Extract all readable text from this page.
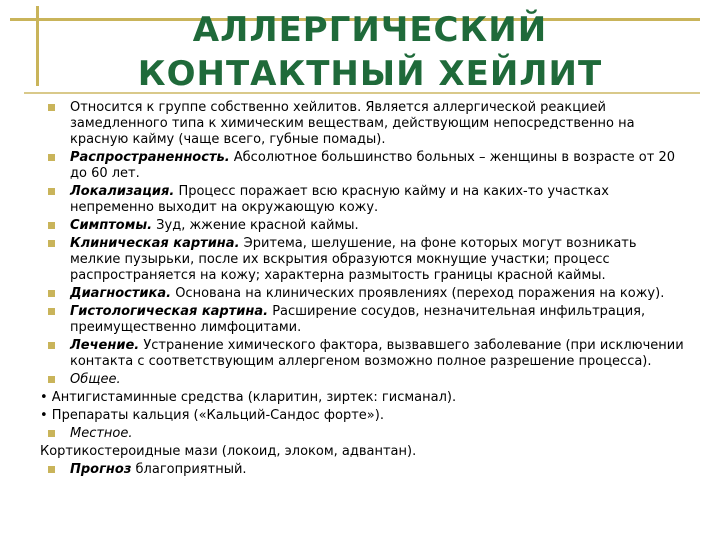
АЛЛЕРГИЧЕСКИЙ
КОНТАКТНЫЙ ХЕЙЛИТ
Относится к группе собственно хейлитов. Является аллергической реакцией замедленного типа к химическим веществам, действующим непосредственно на красную кайму (чаще всего, губные помады).
Распространенность. Абсолютное большинство больных – женщины в возрасте от 20 до 60 лет.
Локализация. Процесс поражает всю красную кайму и на каких-то участках непременно выходит на окружающую кожу.
Симптомы. Зуд, жжение красной каймы.
Клиническая картина. Эритема, шелушение, на фоне которых могут возникать мелкие пузырьки, после их вскрытия образуются мокнущие участки; процесс распространяется на кожу; характерна размытость границы красной каймы.
Диагностика. Основана на клинических проявлениях (переход поражения на кожу).
Гистологическая картина. Расширение сосудов, незначительная инфильтрация, преимущественно лимфоцитами.
Лечение. Устранение химического фактора, вызвавшего заболевание (при исключении контакта с соответствующим аллергеном возможно полное разрешение процесса).
Общее.
• Антигистаминные средства (кларитин, зиртек: гисманал).
• Препараты кальция («Кальций-Сандос форте»).
Местное.
Кортикостероидные мази (локоид, элоком, адвантан).
Прогноз благоприятный.
